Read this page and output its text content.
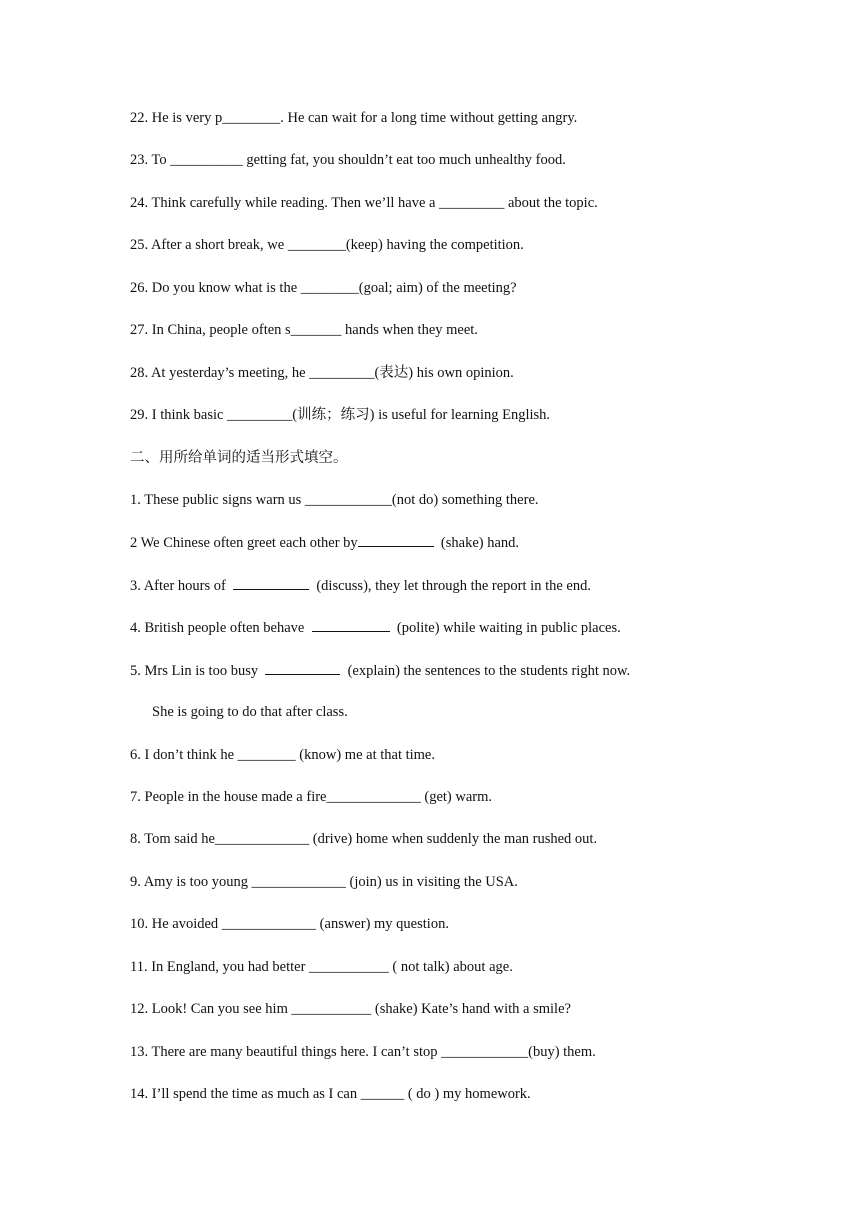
22. He is very p________. He can wait for a long time without getting angry.
23. To __________ getting fat, you shouldn’t eat too much unhealthy food.
24. Think carefully while reading. Then we’ll have a _________ about the topic.
25. After a short break, we ________(keep) having the competition.
26. Do you know what is the ________(goal; aim) of the meeting?
27. In China, people often s_______ hands when they meet.
28. At yesterday’s meeting, he _________(表达) his own opinion.
29. I think basic _________(训练；练习) is useful for learning English.
二、用所给单词的适当形式填空。
1. These public signs warn us ____________(not do) something there.
2 We Chinese often greet each other by	(shake) hand.
3. After hours of	(discuss), they let through the report in the end.
4. British people often behave	(polite) while waiting in public places.
5. Mrs Lin is too busy	(explain) the sentences to the students right now.
She is going to do that after class.
6. I don’t think he ________ (know) me at that time.
7. People in the house made a fire_____________ (get) warm.
8. Tom said he_____________ (drive) home when suddenly the man rushed out.
9. Amy is too young _____________ (join) us in visiting the USA.
10. He avoided _____________ (answer) my question.
11. In England, you had better ___________ ( not talk) about age.
12. Look! Can you see him ___________ (shake) Kate’s hand with a smile?
13. There are many beautiful things here. I can’t stop ____________(buy) them.
14. I’ll spend the time as much as I can ______ ( do ) my homework.
